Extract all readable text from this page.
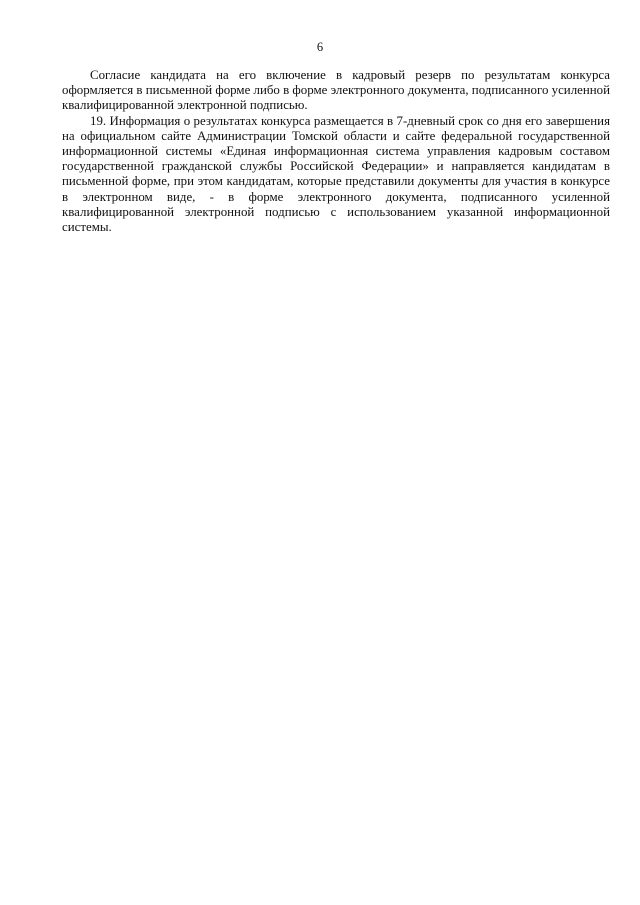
6

Согласие кандидата на его включение в кадровый резерв по результатам конкурса оформляется в письменной форме либо в форме электронного документа, подписанного усиленной квалифицированной электронной подписью.

19. Информация о результатах конкурса размещается в 7-дневный срок со дня его завершения на официальном сайте Администрации Томской области и сайте федеральной государственной информационной системы «Единая информационная система управления кадровым составом государственной гражданской службы Российской Федерации» и направляется кандидатам в письменной форме, при этом кандидатам, которые представили документы для участия в конкурсе в электронном виде, - в форме электронного документа, подписанного усиленной квалифицированной электронной подписью с использованием указанной информационной системы.
